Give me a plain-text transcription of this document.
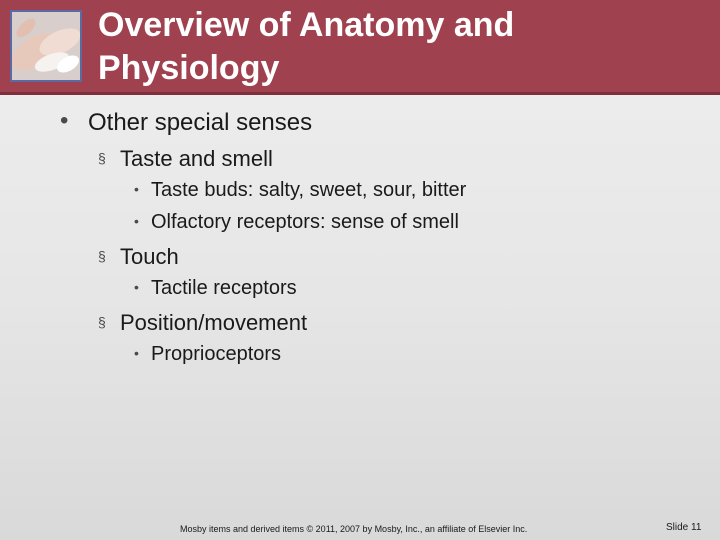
Overview of Anatomy and
Physiology
• Other special senses
§ Taste and smell
• Taste buds: salty, sweet, sour, bitter
• Olfactory receptors: sense of smell
§ Touch
• Tactile receptors
§ Position/movement
• Proprioceptors
Mosby items and derived items © 2011, 2007 by Mosby, Inc., an affiliate of Elsevier Inc.	Slide 11
